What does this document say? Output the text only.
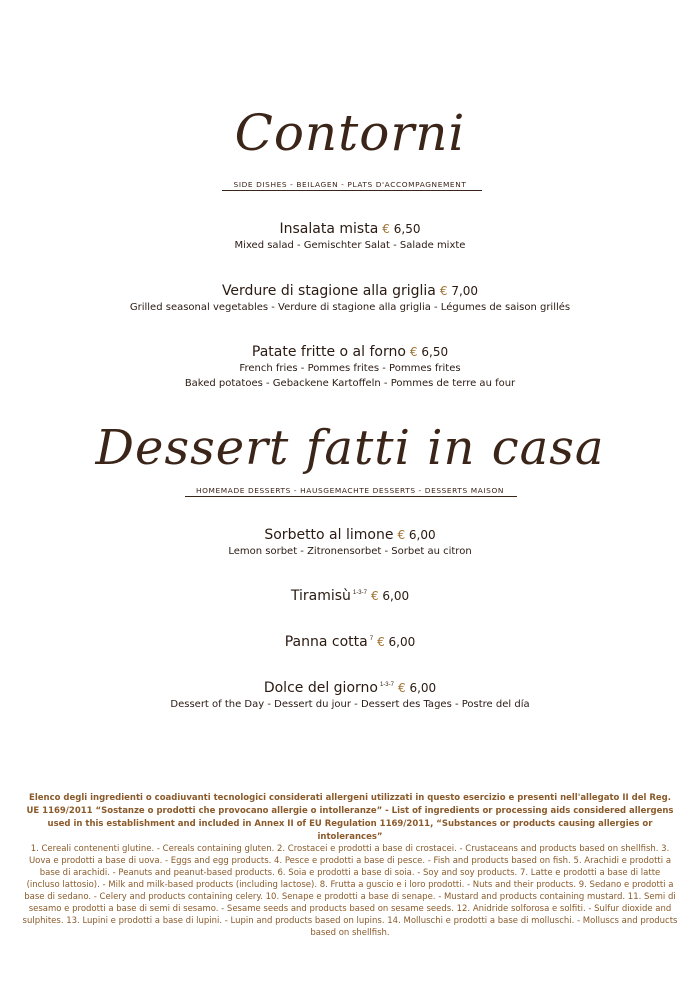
Contorni
SIDE DISHES - BEILAGEN - PLATS D'ACCOMPAGNEMENT
Insalata mista € 6,50
Mixed salad - Gemischter Salat - Salade mixte
Verdure di stagione alla griglia € 7,00
Grilled seasonal vegetables - Verdure di stagione alla griglia - Légumes de saison grillés
Patate fritte o al forno € 6,50
French fries - Pommes frites - Pommes frites
Baked potatoes - Gebackene Kartoffeln - Pommes de terre au four
Dessert fatti in casa
HOMEMADE DESSERTS - HAUSGEMACHTE DESSERTS - DESSERTS MAISON
Sorbetto al limone € 6,00
Lemon sorbet - Zitronensorbet - Sorbet au citron
Tiramisù $^{1-3-7}$ € 6,00
Panna cotta $^7$ € 6,00
Dolce del giorno $^{1-3-7}$ € 6,00
Dessert of the Day - Dessert du jour - Dessert des Tages - Postre del día
Elenco degli ingredienti o coadiuvanti tecnologici considerati allergeni utilizzati in questo esercizio e presenti nell'allegato II del Reg. UE 1169/2011 “Sostanze o prodotti che provocano allergie o intolleranze” - List of ingredients or processing aids considered allergens used in this establishment and included in Annex II of EU Regulation 1169/2011, “Substances or products causing allergies or intolerances”
1. Cereali contenenti glutine. - Cereals containing gluten. 2. Crostacei e prodotti a base di crostacei. - Crustaceans and products based on shellfish. 3. Uova e prodotti a base di uova. - Eggs and egg products. 4. Pesce e prodotti a base di pesce. - Fish and products based on fish. 5. Arachidi e prodotti a base di arachidi. - Peanuts and peanut-based products. 6. Soia e prodotti a base di soia. - Soy and soy products. 7. Latte e prodotti a base di latte (incluso lattosio). - Milk and milk-based products (including lactose). 8. Frutta a guscio e i loro prodotti. - Nuts and their products. 9. Sedano e prodotti a base di sedano. - Celery and products containing celery. 10. Senape e prodotti a base di senape. - Mustard and products containing mustard. 11. Semi di sesamo e prodotti a base di semi di sesamo. - Sesame seeds and products based on sesame seeds. 12. Anidride solforosa e solfiti. - Sulfur dioxide and sulphites. 13. Lupini e prodotti a base di lupini. - Lupin and products based on lupins. 14. Molluschi e prodotti a base di molluschi. - Molluscs and products based on shellfish.
